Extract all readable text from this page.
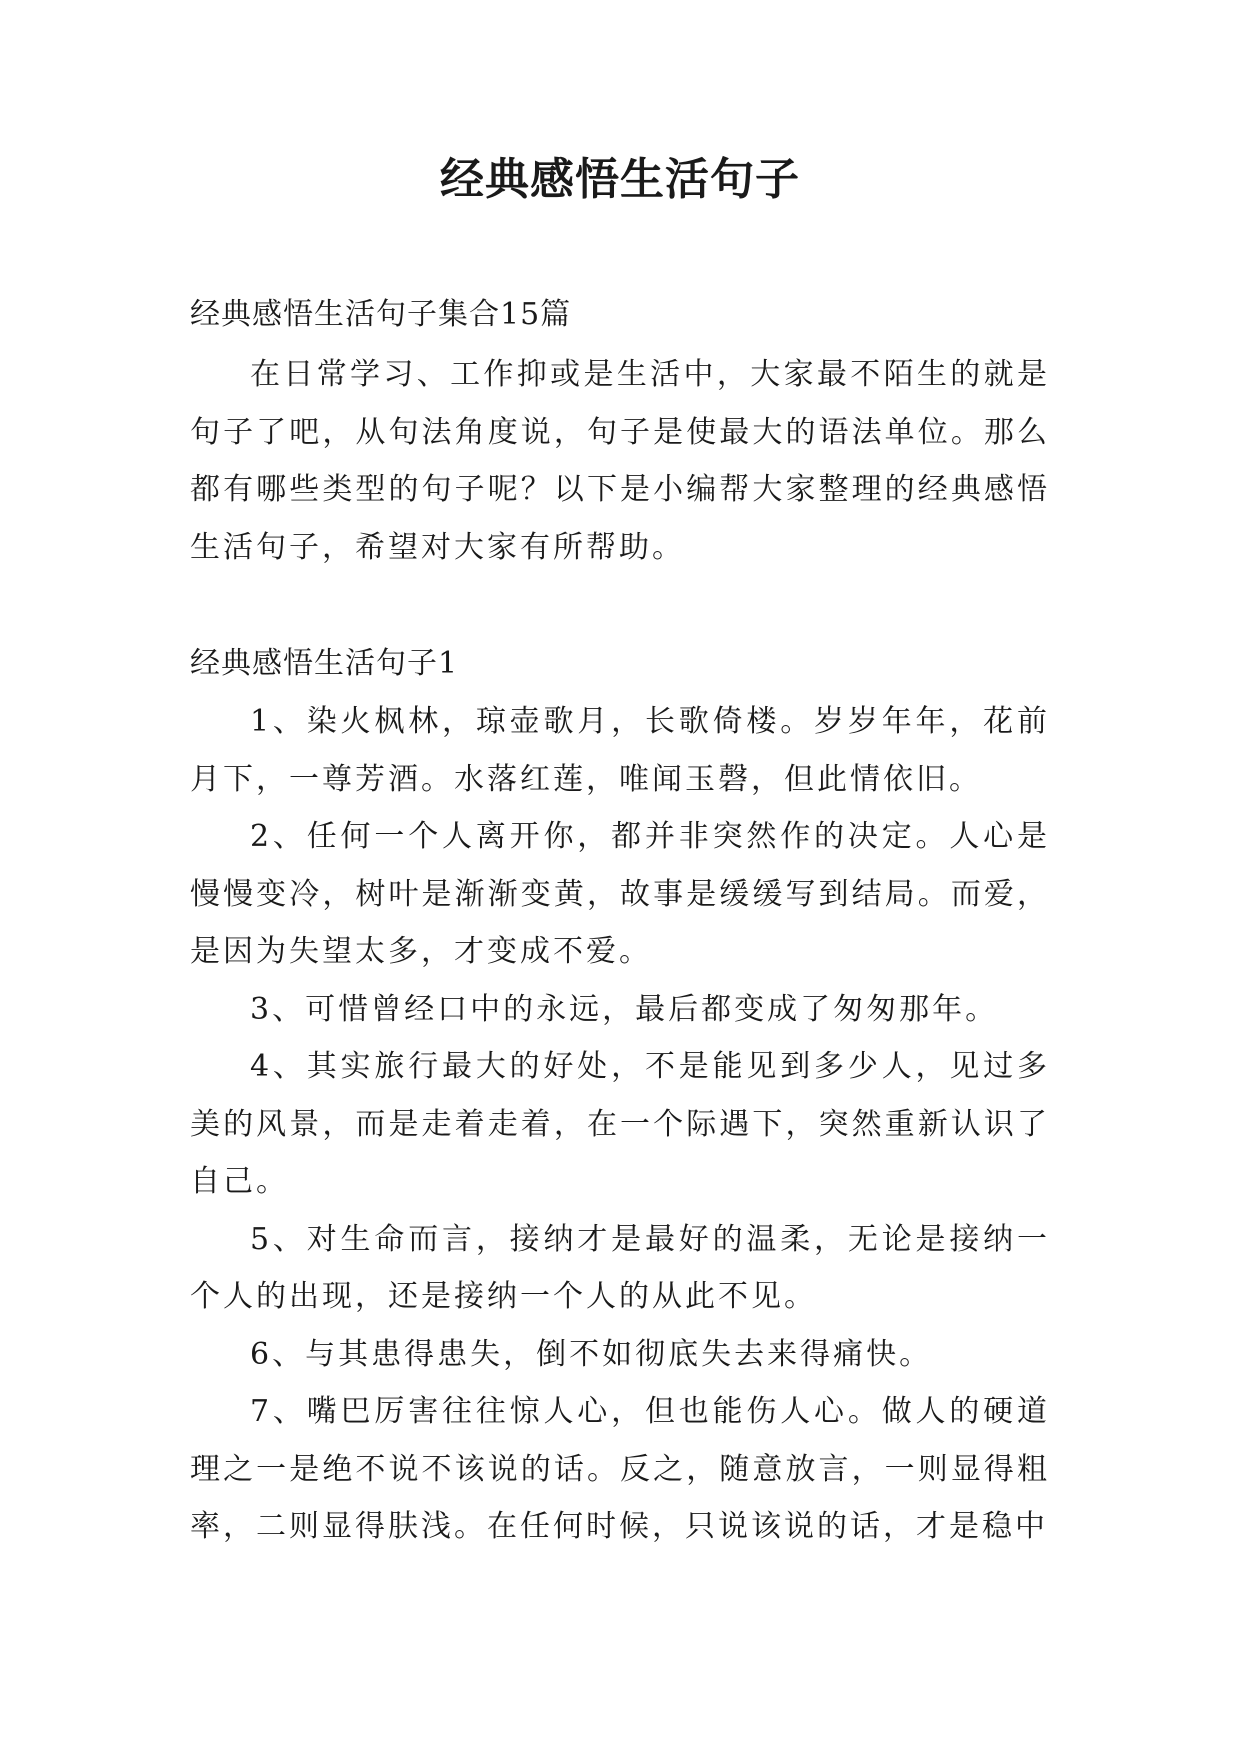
经典感悟生活句子

经典感悟生活句子集合15篇

在日常学习、工作抑或是生活中，大家最不陌生的就是句子了吧，从句法角度说，句子是使最大的语法单位。那么都有哪些类型的句子呢？以下是小编帮大家整理的经典感悟生活句子，希望对大家有所帮助。

经典感悟生活句子1

1、染火枫林，琼壶歌月，长歌倚楼。岁岁年年，花前月下，一尊芳酒。水落红莲，唯闻玉磬，但此情依旧。

2、任何一个人离开你，都并非突然作的决定。人心是慢慢变冷，树叶是渐渐变黄，故事是缓缓写到结局。而爱，是因为失望太多，才变成不爱。

3、可惜曾经口中的永远，最后都变成了匆匆那年。

4、其实旅行最大的好处，不是能见到多少人，见过多美的风景，而是走着走着，在一个际遇下，突然重新认识了自己。

5、对生命而言，接纳才是最好的温柔，无论是接纳一个人的出现，还是接纳一个人的从此不见。

6、与其患得患失，倒不如彻底失去来得痛快。

7、嘴巴厉害往往惊人心，但也能伤人心。做人的硬道理之一是绝不说不该说的话。反之，随意放言，一则显得粗率，二则显得肤浅。在任何时候，只说该说的话，才是稳中
